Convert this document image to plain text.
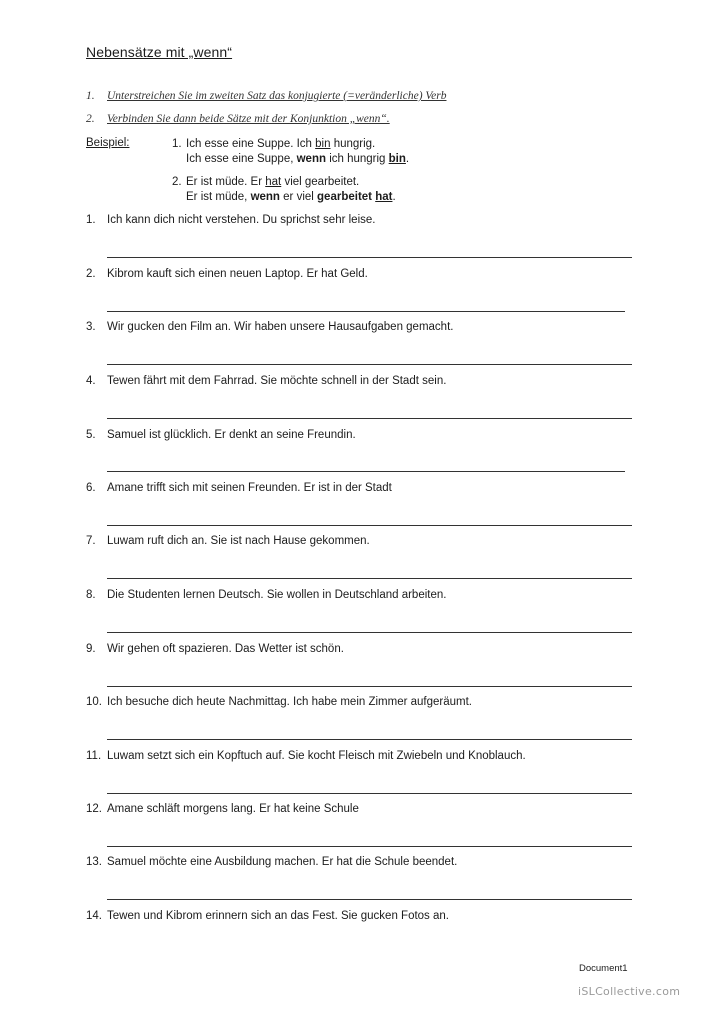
Nebensätze mit „wenn“
1. Unterstreichen Sie im zweiten Satz das konjugierte (=veränderliche) Verb
2. Verbinden Sie dann beide Sätze mit der Konjunktion „wenn“.
Beispiel:	1. Ich esse eine Suppe. Ich bin hungrig.
Ich esse eine Suppe, wenn ich hungrig bin.
2. Er ist müde. Er hat viel gearbeitet.
Er ist müde, wenn er viel gearbeitet hat.
1. Ich kann dich nicht verstehen. Du sprichst sehr leise.
2. Kibrom kauft sich einen neuen Laptop. Er hat Geld.
3. Wir gucken den Film an. Wir haben unsere Hausaufgaben gemacht.
4. Tewen fährt mit dem Fahrrad. Sie möchte schnell in der Stadt sein.
5. Samuel ist glücklich. Er denkt an seine Freundin.
6. Amane trifft sich mit seinen Freunden. Er ist in der Stadt
7. Luwam ruft dich an. Sie ist nach Hause gekommen.
8. Die Studenten lernen Deutsch. Sie wollen in Deutschland arbeiten.
9. Wir gehen oft spazieren. Das Wetter ist schön.
10. Ich besuche dich heute Nachmittag. Ich habe mein Zimmer aufgeräumt.
11. Luwam setzt sich ein Kopftuch auf. Sie kocht Fleisch mit Zwiebeln und Knoblauch.
12. Amane schläft morgens lang. Er hat keine Schule
13. Samuel möchte eine Ausbildung machen. Er hat die Schule beendet.
14. Tewen und Kibrom erinnern sich an das Fest. Sie gucken Fotos an.
Document1
iSLCollective.com
